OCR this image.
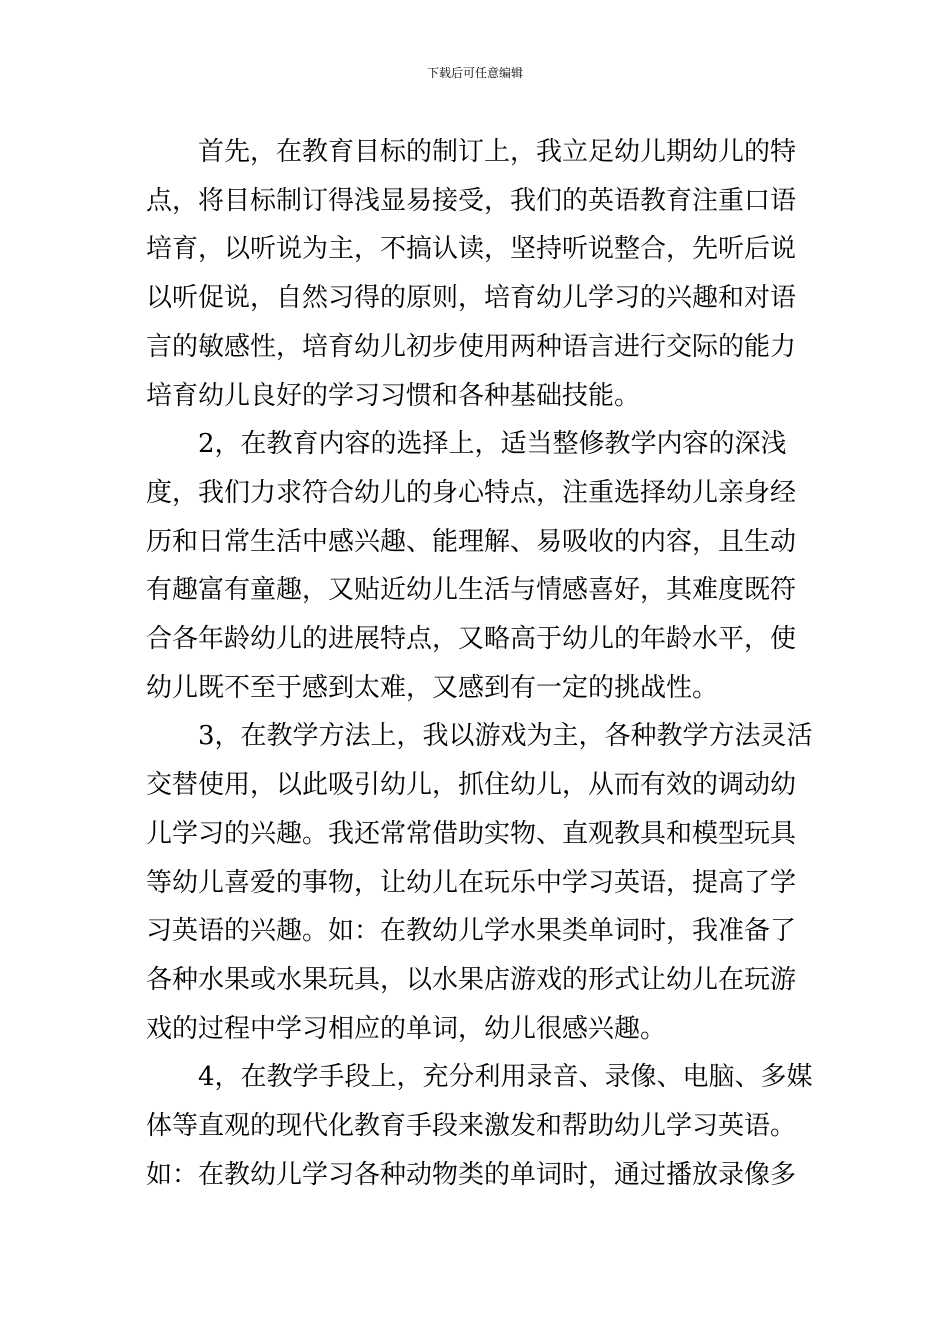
下载后可任意编辑

首先，在教育目标的制订上，我立足幼儿期幼儿的特点，将目标制订得浅显易接受，我们的英语教育注重口语培育，以听说为主，不搞认读，坚持听说整合，先听后说以听促说，自然习得的原则，培育幼儿学习的兴趣和对语言的敏感性，培育幼儿初步使用两种语言进行交际的能力培育幼儿良好的学习习惯和各种基础技能。

2，在教育内容的选择上，适当整修教学内容的深浅度，我们力求符合幼儿的身心特点，注重选择幼儿亲身经历和日常生活中感兴趣、能理解、易吸收的内容，且生动有趣富有童趣，又贴近幼儿生活与情感喜好，其难度既符合各年龄幼儿的进展特点，又略高于幼儿的年龄水平，使幼儿既不至于感到太难，又感到有一定的挑战性。

3，在教学方法上，我以游戏为主，各种教学方法灵活交替使用，以此吸引幼儿，抓住幼儿，从而有效的调动幼儿学习的兴趣。我还常常借助实物、直观教具和模型玩具等幼儿喜爱的事物，让幼儿在玩乐中学习英语，提高了学习英语的兴趣。如：在教幼儿学水果类单词时，我准备了各种水果或水果玩具，以水果店游戏的形式让幼儿在玩游戏的过程中学习相应的单词，幼儿很感兴趣。

4，在教学手段上，充分利用录音、录像、电脑、多媒体等直观的现代化教育手段来激发和帮助幼儿学习英语。如：在教幼儿学习各种动物类的单词时，通过播放录像多
